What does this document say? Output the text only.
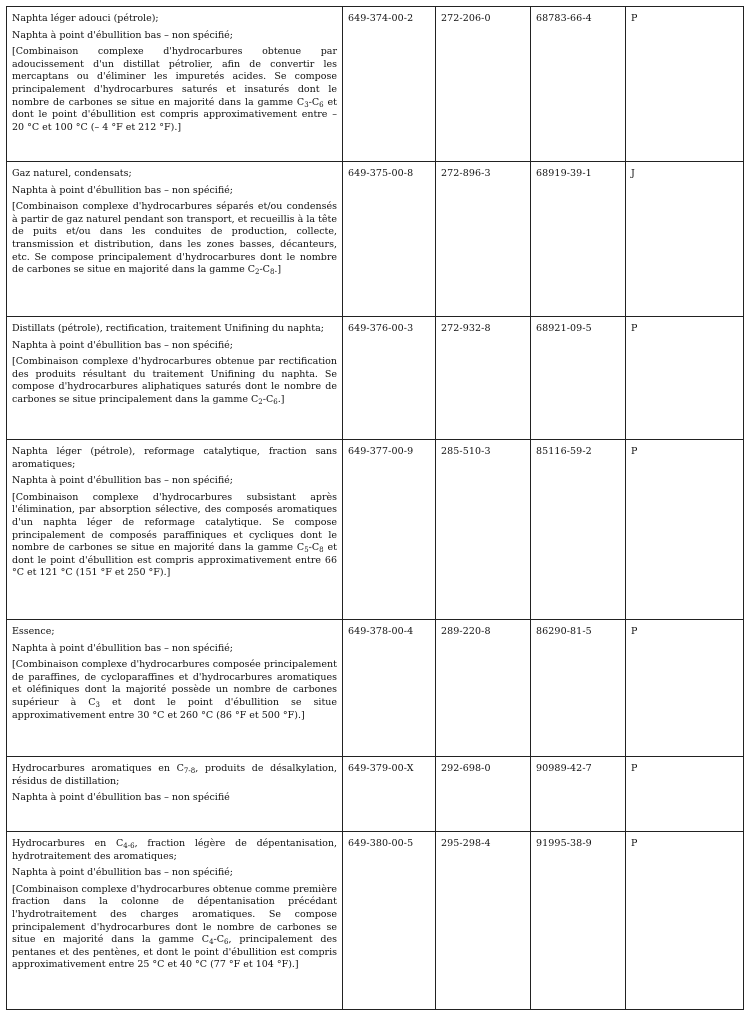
Naphta léger adouci (pétrole);
Naphta à point d'ébullition bas – non spécifié;
[Combinaison complexe d'hydrocarbures obtenue par adoucissement d'un distillat pétrolier, afin de convertir les mercaptans ou d'éliminer les impuretés acides. Se compose principalement d'hydrocarbures saturés et insaturés dont le nombre de carbones se situe en majorité dans la gamme $C_3-C_6$ et dont le point d'ébullition est compris approximativement entre – 20 °C et 100 °C (– 4 °F et 212 °F).]	649-374-00-2	272-206-0	68783-66-4	P

Gaz naturel, condensats;
Naphta à point d'ébullition bas – non spécifié;
[Combinaison complexe d'hydrocarbures séparés et/ou condensés à partir de gaz naturel pendant son transport, et recueillis à la tête de puits et/ou dans les conduites de production, collecte, transmission et distribution, dans les zones basses, décanteurs, etc. Se compose principalement d'hydrocarbures dont le nombre de carbones se situe en majorité dans la gamme $C_2-C_8$.]	649-375-00-8	272-896-3	68919-39-1	J

Distillats (pétrole), rectification, traitement Unifining du naphta;
Naphta à point d'ébullition bas – non spécifié;
[Combinaison complexe d'hydrocarbures obtenue par rectification des produits résultant du traitement Unifining du naphta. Se compose d'hydrocarbures aliphatiques saturés dont le nombre de carbones se situe principalement dans la gamme $C_2-C_6$.]	649-376-00-3	272-932-8	68921-09-5	P

Naphta léger (pétrole), reformage catalytique, fraction sans aromatiques;
Naphta à point d'ébullition bas – non spécifié;
[Combinaison complexe d'hydrocarbures subsistant après l'élimination, par absorption sélective, des composés aromatiques d'un naphta léger de reformage catalytique. Se compose principalement de composés paraffiniques et cycliques dont le nombre de carbones se situe en majorité dans la gamme $C_5-C_8$ et dont le point d'ébullition est compris approximativement entre 66 °C et 121 °C (151 °F et 250 °F).]	649-377-00-9	285-510-3	85116-59-2	P

Essence;
Naphta à point d'ébullition bas – non spécifié;
[Combinaison complexe d'hydrocarbures composée principalement de paraffines, de cycloparaffines et d'hydrocarbures aromatiques et oléfiniques dont la majorité possède un nombre de carbones supérieur à $C_3$ et dont le point d'ébullition se situe approximativement entre 30 °C et 260 °C (86 °F et 500 °F).]	649-378-00-4	289-220-8	86290-81-5	P

Hydrocarbures aromatiques en $C_{7-8}$, produits de désalkylation, résidus de distillation;
Naphta à point d'ébullition bas – non spécifié	649-379-00-X	292-698-0	90989-42-7	P

Hydrocarbures en $C_{4-6}$, fraction légère de dépentanisation, hydrotraitement des aromatiques;
Naphta à point d'ébullition bas – non spécifié;
[Combinaison complexe d'hydrocarbures obtenue comme première fraction dans la colonne de dépentanisation précédant l'hydrotraitement des charges aromatiques. Se compose principalement d'hydrocarbures dont le nombre de carbones se situe en majorité dans la gamme $C_4-C_6$, principalement des pentanes et des pentènes, et dont le point d'ébullition est compris approximativement entre 25 °C et 40 °C (77 °F et 104 °F).]	649-380-00-5	295-298-4	91995-38-9	P
